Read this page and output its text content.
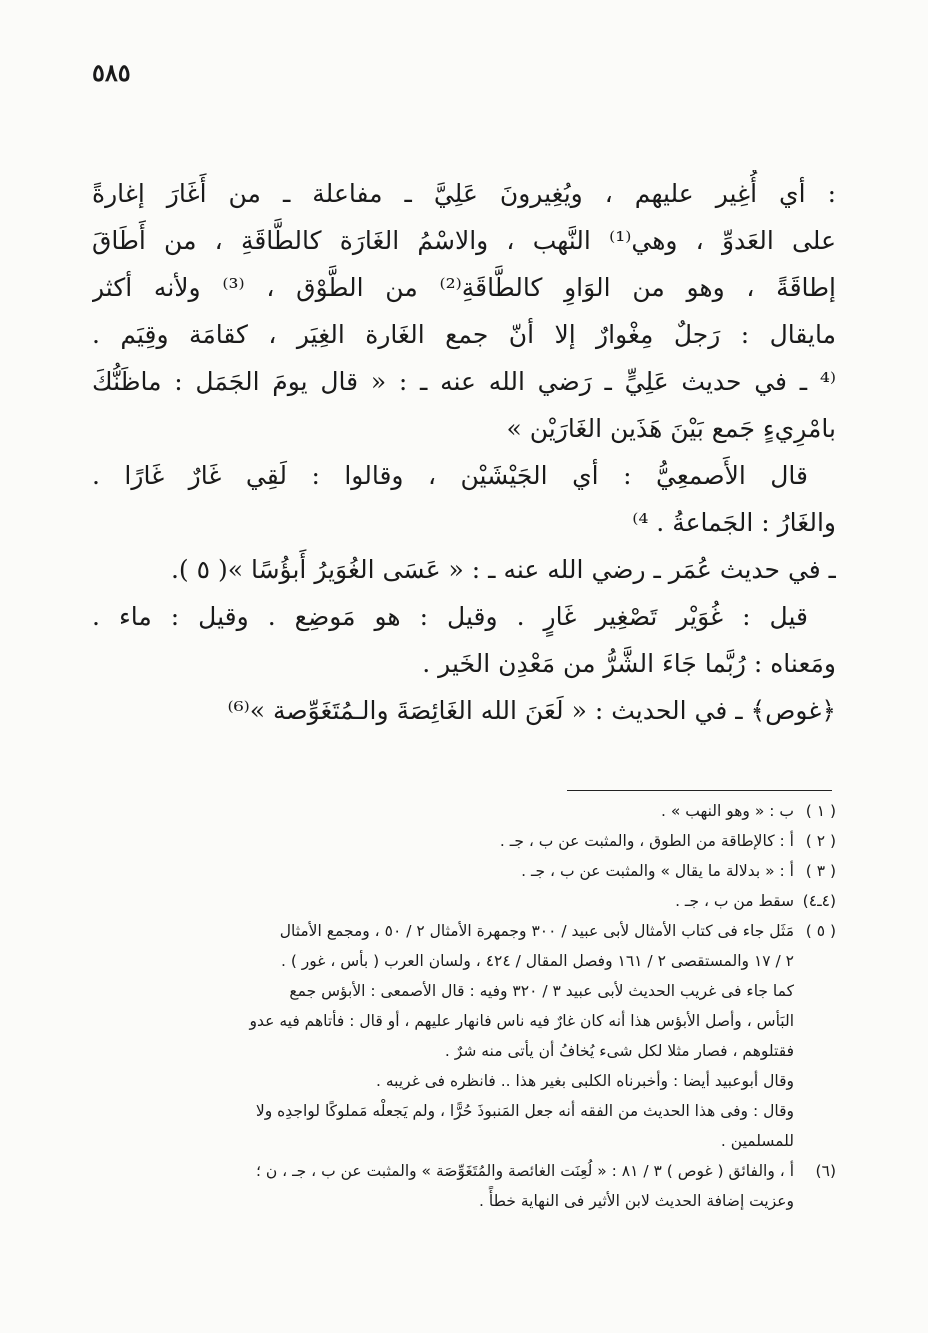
٥٨٥
: أي أُغِير عليهم ، ويُغِيرونَ عَلِيَّ ـ مفاعلة ـ من أَغَارَ إغارةً
على العَدوِّ ، وهي⁽¹⁾ النَّهب ، والاسْمُ الغَارَة كالطَّاقَةِ ، من أَطَاقَ
إطاقَةً ، وهو من الوَاوِ كالطَّاقَةِ⁽²⁾ من الطَّوْق ، ⁽³⁾ ولأنه أكثر
مايقال : رَجلٌ مِغْوارٌ إلا أنّ جمع الغَارة الغِيَر ، كقامَة وقِيَم .
⁽⁴ ـ في حديث عَلِيٍّ ـ رَضي الله عنه ـ : « قال يومَ الجَمَل : ماظَنُّكَ
بامْرِيءٍ جَمع بَيْنَ هَذَين الغَارَيْن »
قال الأَصمعِيُّ : أي الجَيْشَيْن ، وقالوا : لَقِي غَارٌ غَارًا .
والغَارُ : الجَماعةُ . ⁴⁾
ـ في حديث عُمَر ـ رضي الله عنه ـ : « عَسَى الغُوَيرُ أَبؤُسًا »( ٥ ).
قيل : غُوَيْر تَصْغِير غَارٍ . وقيل : هو مَوضِع . وقيل : ماء .
ومَعناه : رُبَّما جَاءَ الشَّرُّ من مَعْدِن الخَير .
﴿غوص﴾ ـ في الحديث : « لَعَنَ الله الغَائِصَةَ والـمُتَغَوِّصة »⁽⁶⁾
( ١ )ب : « وهو النهب » .
( ٢ )أ : كالإطاقة من الطوق ، والمثبت عن ب ، جـ .
( ٣ )أ : « بدلالة ما يقال » والمثبت عن ب ، جـ .
(٤ـ٤)سقط من ب ، جـ .
( ٥ )مَثَل جاء فى كتاب الأمثال لأبى عبيد / ٣٠٠ وجمهرة الأمثال ٢ / ٥٠ ، ومجمع الأمثال
٢ / ١٧ والمستقصى ٢ / ١٦١ وفصل المقال / ٤٢٤ ، ولسان العرب ( بأس ، غور ) .
كما جاء فى غريب الحديث لأبى عبيد ٣ / ٣٢٠ وفيه : قال الأصمعى : الأبؤس جمع
البَأس ، وأصل الأبؤس هذا أنه كان غارٌ فيه ناس فانهار عليهم ، أو قال : فأتاهم فيه عدو
فقتلوهم ، فصار مثلا لكل شىء يُخافُ أن يأتى منه شرٌ .
وقال أبوعبيد أيضا : وأخبرناه الكلبى بغير هذا .. فانظره فى غريبه .
وقال : وفى هذا الحديث من الفقه أنه جعل المَنبوذَ حُرًّا ، ولم يَجعلْه مَملوكًا لواجدِه ولا
للمسلمين .
(٦)أ ، والفائق ( غوص ) ٣ / ٨١ : « لُعِنَت الغائصة والمُتَغَوِّصَة » والمثبت عن ب ، جـ ، ن ؛
وعزيت إضافة الحديث لابن الأثير فى النهاية خطأً .
